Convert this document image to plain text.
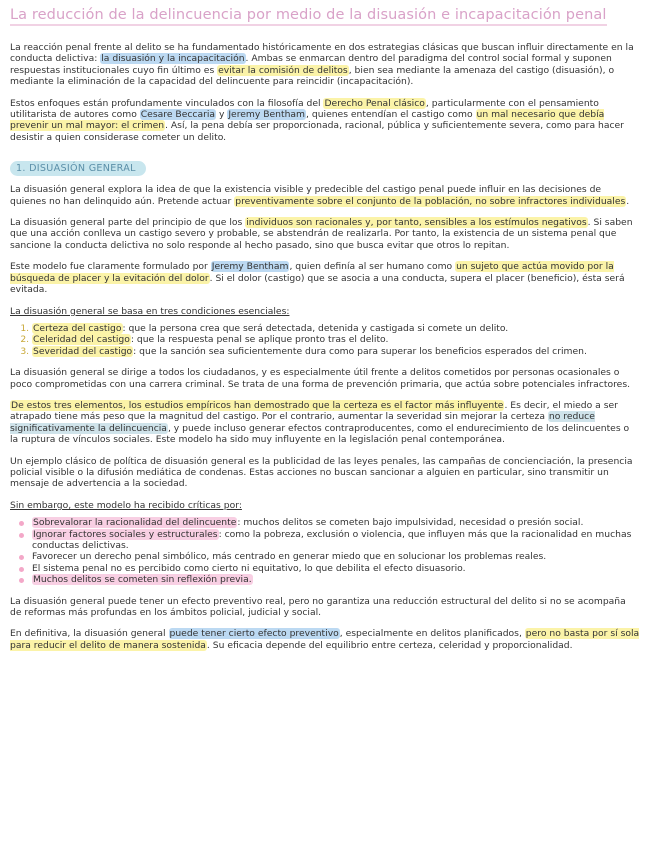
La reducción de la delincuencia por medio de la disuasión e incapacitación penal

La reacción penal frente al delito se ha fundamentado históricamente en dos estrategias clásicas que buscan influir directamente en la conducta delictiva: la disuasión y la incapacitación. Ambas se enmarcan dentro del paradigma del control social formal y suponen respuestas institucionales cuyo fin último es evitar la comisión de delitos, bien sea mediante la amenaza del castigo (disuasión), o mediante la eliminación de la capacidad del delincuente para reincidir (incapacitación).

Estos enfoques están profundamente vinculados con la filosofía del Derecho Penal clásico, particularmente con el pensamiento utilitarista de autores como Cesare Beccaria y Jeremy Bentham, quienes entendían el castigo como un mal necesario que debía prevenir un mal mayor: el crimen. Así, la pena debía ser proporcionada, racional, pública y suficientemente severa, como para hacer desistir a quien considerase cometer un delito.

1. DISUASIÓN GENERAL

La disuasión general explora la idea de que la existencia visible y predecible del castigo penal puede influir en las decisiones de quienes no han delinquido aún. Pretende actuar preventivamente sobre el conjunto de la población, no sobre infractores individuales.

La disuasión general parte del principio de que los individuos son racionales y, por tanto, sensibles a los estímulos negativos. Si saben que una acción conlleva un castigo severo y probable, se abstendrán de realizarla. Por tanto, la existencia de un sistema penal que sancione la conducta delictiva no solo responde al hecho pasado, sino que busca evitar que otros lo repitan.

Este modelo fue claramente formulado por Jeremy Bentham, quien definía al ser humano como un sujeto que actúa movido por la búsqueda de placer y la evitación del dolor. Si el dolor (castigo) que se asocia a una conducta, supera el placer (beneficio), ésta será evitada.

La disuasión general se basa en tres condiciones esenciales:

1. Certeza del castigo: que la persona crea que será detectada, detenida y castigada si comete un delito.
2. Celeridad del castigo: que la respuesta penal se aplique pronto tras el delito.
3. Severidad del castigo: que la sanción sea suficientemente dura como para superar los beneficios esperados del crimen.

La disuasión general se dirige a todos los ciudadanos, y es especialmente útil frente a delitos cometidos por personas ocasionales o poco comprometidas con una carrera criminal. Se trata de una forma de prevención primaria, que actúa sobre potenciales infractores.

De estos tres elementos, los estudios empíricos han demostrado que la certeza es el factor más influyente. Es decir, el miedo a ser atrapado tiene más peso que la magnitud del castigo. Por el contrario, aumentar la severidad sin mejorar la certeza no reduce significativamente la delincuencia, y puede incluso generar efectos contraproducentes, como el endurecimiento de los delincuentes o la ruptura de vínculos sociales. Este modelo ha sido muy influyente en la legislación penal contemporánea.

Un ejemplo clásico de política de disuasión general es la publicidad de las leyes penales, las campañas de concienciación, la presencia policial visible o la difusión mediática de condenas. Estas acciones no buscan sancionar a alguien en particular, sino transmitir un mensaje de advertencia a la sociedad.

Sin embargo, este modelo ha recibido críticas por:

Sobrevalorar la racionalidad del delincuente: muchos delitos se cometen bajo impulsividad, necesidad o presión social.
Ignorar factores sociales y estructurales: como la pobreza, exclusión o violencia, que influyen más que la racionalidad en muchas conductas delictivas.
Favorecer un derecho penal simbólico, más centrado en generar miedo que en solucionar los problemas reales.
El sistema penal no es percibido como cierto ni equitativo, lo que debilita el efecto disuasorio.
Muchos delitos se cometen sin reflexión previa.

La disuasión general puede tener un efecto preventivo real, pero no garantiza una reducción estructural del delito si no se acompaña de reformas más profundas en los ámbitos policial, judicial y social.

En definitiva, la disuasión general puede tener cierto efecto preventivo, especialmente en delitos planificados, pero no basta por sí sola para reducir el delito de manera sostenida. Su eficacia depende del equilibrio entre certeza, celeridad y proporcionalidad.
